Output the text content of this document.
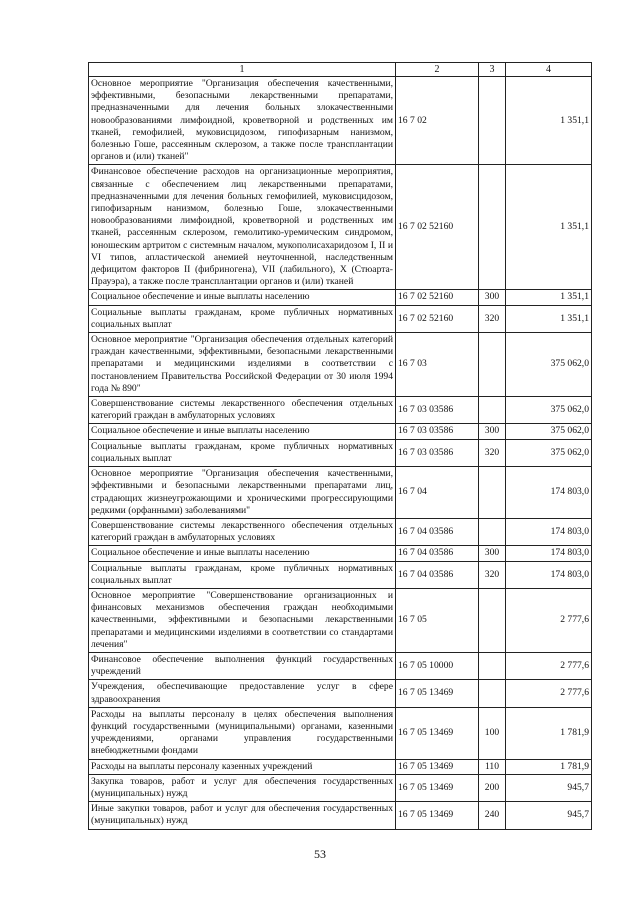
1	2	3	4
Основное мероприятие "Организация обеспечения качественными, эффективными, безопасными лекарственными препаратами, предназначенными для лечения больных злокачественными новообразованиями лимфоидной, кроветворной и родственных им тканей, гемофилией, муковисцидозом, гипофизарным нанизмом, болезнью Гоше, рассеянным склерозом, а также после трансплантации органов и (или) тканей"	16 7 02		1 351,1
Финансовое обеспечение расходов на организационные мероприятия, связанные с обеспечением лиц лекарственными препаратами, предназначенными для лечения больных гемофилией, муковисцидозом, гипофизарным нанизмом, болезнью Гоше, злокачественными новообразованиями лимфоидной, кроветворной и родственных им тканей, рассеянным склерозом, гемолитико-уремическим синдромом, юношеским артритом с системным началом, мукополисахаридозом I, II и VI типов, апластической анемией неуточненной, наследственным дефицитом факторов II (фибриногена), VII (лабильного), X (Стюарта-Прауэра), а также после трансплантации органов и (или) тканей	16 7 02 52160		1 351,1
Социальное обеспечение и иные выплаты населению	16 7 02 52160	300	1 351,1
Социальные выплаты гражданам, кроме публичных нормативных социальных выплат	16 7 02 52160	320	1 351,1
Основное мероприятие "Организация обеспечения отдельных категорий граждан качественными, эффективными, безопасными лекарственными препаратами и медицинскими изделиями в соответствии с постановлением Правительства Российской Федерации от 30 июля 1994 года № 890"	16 7 03		375 062,0
Совершенствование системы лекарственного обеспечения отдельных категорий граждан в амбулаторных условиях	16 7 03 03586		375 062,0
Социальное обеспечение и иные выплаты населению	16 7 03 03586	300	375 062,0
Социальные выплаты гражданам, кроме публичных нормативных социальных выплат	16 7 03 03586	320	375 062,0
Основное мероприятие "Организация обеспечения качественными, эффективными и безопасными лекарственными препаратами лиц, страдающих жизнеугрожающими и хроническими прогрессирующими редкими (орфанными) заболеваниями"	16 7 04		174 803,0
Совершенствование системы лекарственного обеспечения отдельных категорий граждан в амбулаторных условиях	16 7 04 03586		174 803,0
Социальное обеспечение и иные выплаты населению	16 7 04 03586	300	174 803,0
Социальные выплаты гражданам, кроме публичных нормативных социальных выплат	16 7 04 03586	320	174 803,0
Основное мероприятие "Совершенствование организационных и финансовых механизмов обеспечения граждан необходимыми качественными, эффективными и безопасными лекарственными препаратами и медицинскими изделиями в соответствии со стандартами лечения"	16 7 05		2 777,6
Финансовое обеспечение выполнения функций государственных учреждений	16 7 05 10000		2 777,6
Учреждения, обеспечивающие предоставление услуг в сфере здравоохранения	16 7 05 13469		2 777,6
Расходы на выплаты персоналу в целях обеспечения выполнения функций государственными (муниципальными) органами, казенными учреждениями, органами управления государственными внебюджетными фондами	16 7 05 13469	100	1 781,9
Расходы на выплаты персоналу казенных учреждений	16 7 05 13469	110	1 781,9
Закупка товаров, работ и услуг для обеспечения государственных (муниципальных) нужд	16 7 05 13469	200	945,7
Иные закупки товаров, работ и услуг для обеспечения государственных (муниципальных) нужд	16 7 05 13469	240	945,7
53
